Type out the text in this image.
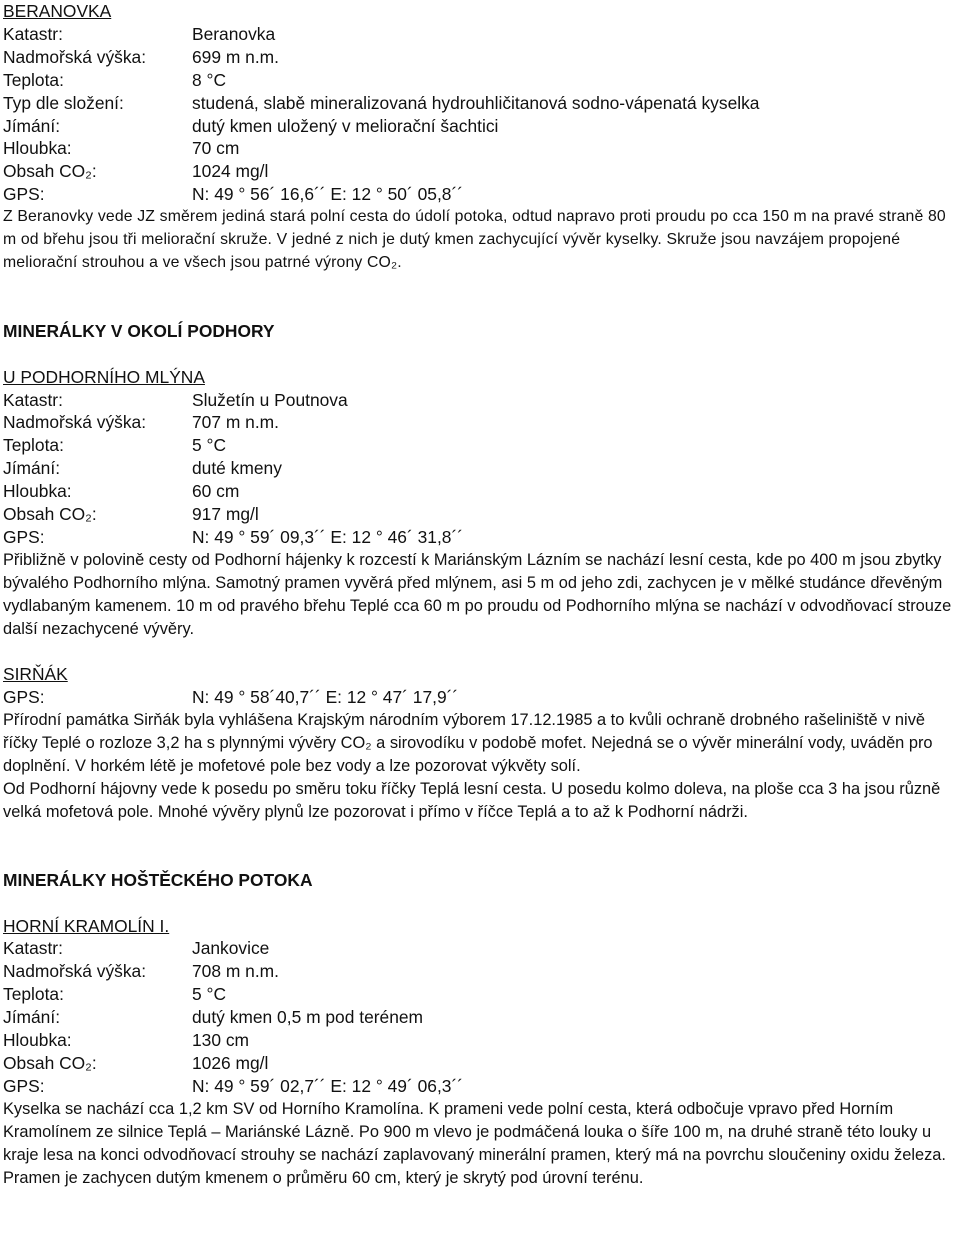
BERANOVKA
Katastr:	Beranovka
Nadmořská výška:	699 m n.m.
Teplota:	8 °C
Typ dle složení:	studená, slabě mineralizovaná hydrouhličitanová sodno-vápenatá kyselka
Jímání:	dutý kmen uložený v meliorační šachtici
Hloubka:	70 cm
Obsah CO₂:	1024 mg/l
GPS:	N: 49 ° 56´ 16,6´´ E: 12 ° 50´ 05,8´´

Z Beranovky vede JZ směrem jediná stará polní cesta do údolí potoka, odtud napravo proti proudu po cca 150 m na pravé straně 80 m od břehu jsou tři meliorační skruže. V jedné z nich je dutý kmen zachycující vývěr kyselky. Skruže jsou navzájem propojené meliorační strouhou a ve všech jsou patrné výrony CO₂.

MINERÁLKY V OKOLÍ PODHORY
U PODHORNÍHO MLÝNA
Katastr:	Služetín u Poutnova
Nadmořská výška:	707 m n.m.
Teplota:	5 °C
Jímání:	duté kmeny
Hloubka:	60 cm
Obsah CO₂:	917 mg/l
GPS:	N: 49 ° 59´ 09,3´´ E: 12 ° 46´ 31,8´´

Přibližně v polovině cesty od Podhorní hájenky k rozcestí k Mariánským Lázním se nachází lesní cesta, kde po 400 m jsou zbytky bývalého Podhorního mlýna. Samotný pramen vyvěrá před mlýnem, asi 5 m od jeho zdi, zachycen je v mělké studánce dřevěným vydlabaným kamenem. 10 m od pravého břehu Teplé cca 60 m po proudu od Podhorního mlýna se nachází v odvodňovací strouze další nezachycené vývěry.

SIRŇÁK
GPS:	N: 49 ° 58´40,7´´ E: 12 ° 47´ 17,9´´

Přírodní památka Sirňák byla vyhlášena Krajským národním výborem 17.12.1985 a to kvůli ochraně drobného rašeliniště v nivě říčky Teplé o rozloze 3,2 ha s plynnými vývěry CO₂ a sirovodíku v podobě mofet. Nejedná se o vývěr minerální vody, uváděn pro doplnění. V horkém létě je mofetové pole bez vody a lze pozorovat výkvěty solí.

Od Podhorní hájovny vede k posedu po směru toku říčky Teplá lesní cesta. U posedu kolmo doleva, na ploše cca 3 ha jsou různě velká mofetová pole. Mnohé vývěry plynů lze pozorovat i přímo v říčce Teplá a to až k Podhorní nádrži.

MINERÁLKY HOŠTĚCKÉHO POTOKA
HORNÍ KRAMOLÍN I.
Katastr:	Jankovice
Nadmořská výška:	708 m n.m.
Teplota:	5 °C
Jímání:	dutý kmen 0,5 m pod terénem
Hloubka:	130 cm
Obsah CO₂:	1026 mg/l
GPS:	N: 49 ° 59´ 02,7´´ E: 12 ° 49´ 06,3´´

Kyselka se nachází cca 1,2 km SV od Horního Kramolína. K prameni vede polní cesta, která odbočuje vpravo před Horním Kramolínem ze silnice Teplá – Mariánské Lázně. Po 900 m vlevo je podmáčená louka o šíře 100 m, na druhé straně této louky u kraje lesa na konci odvodňovací strouhy se nachází zaplavovaný minerální pramen, který má na povrchu sloučeniny oxidu železa. Pramen je zachycen dutým kmenem o průměru 60 cm, který je skrytý pod úrovní terénu.
